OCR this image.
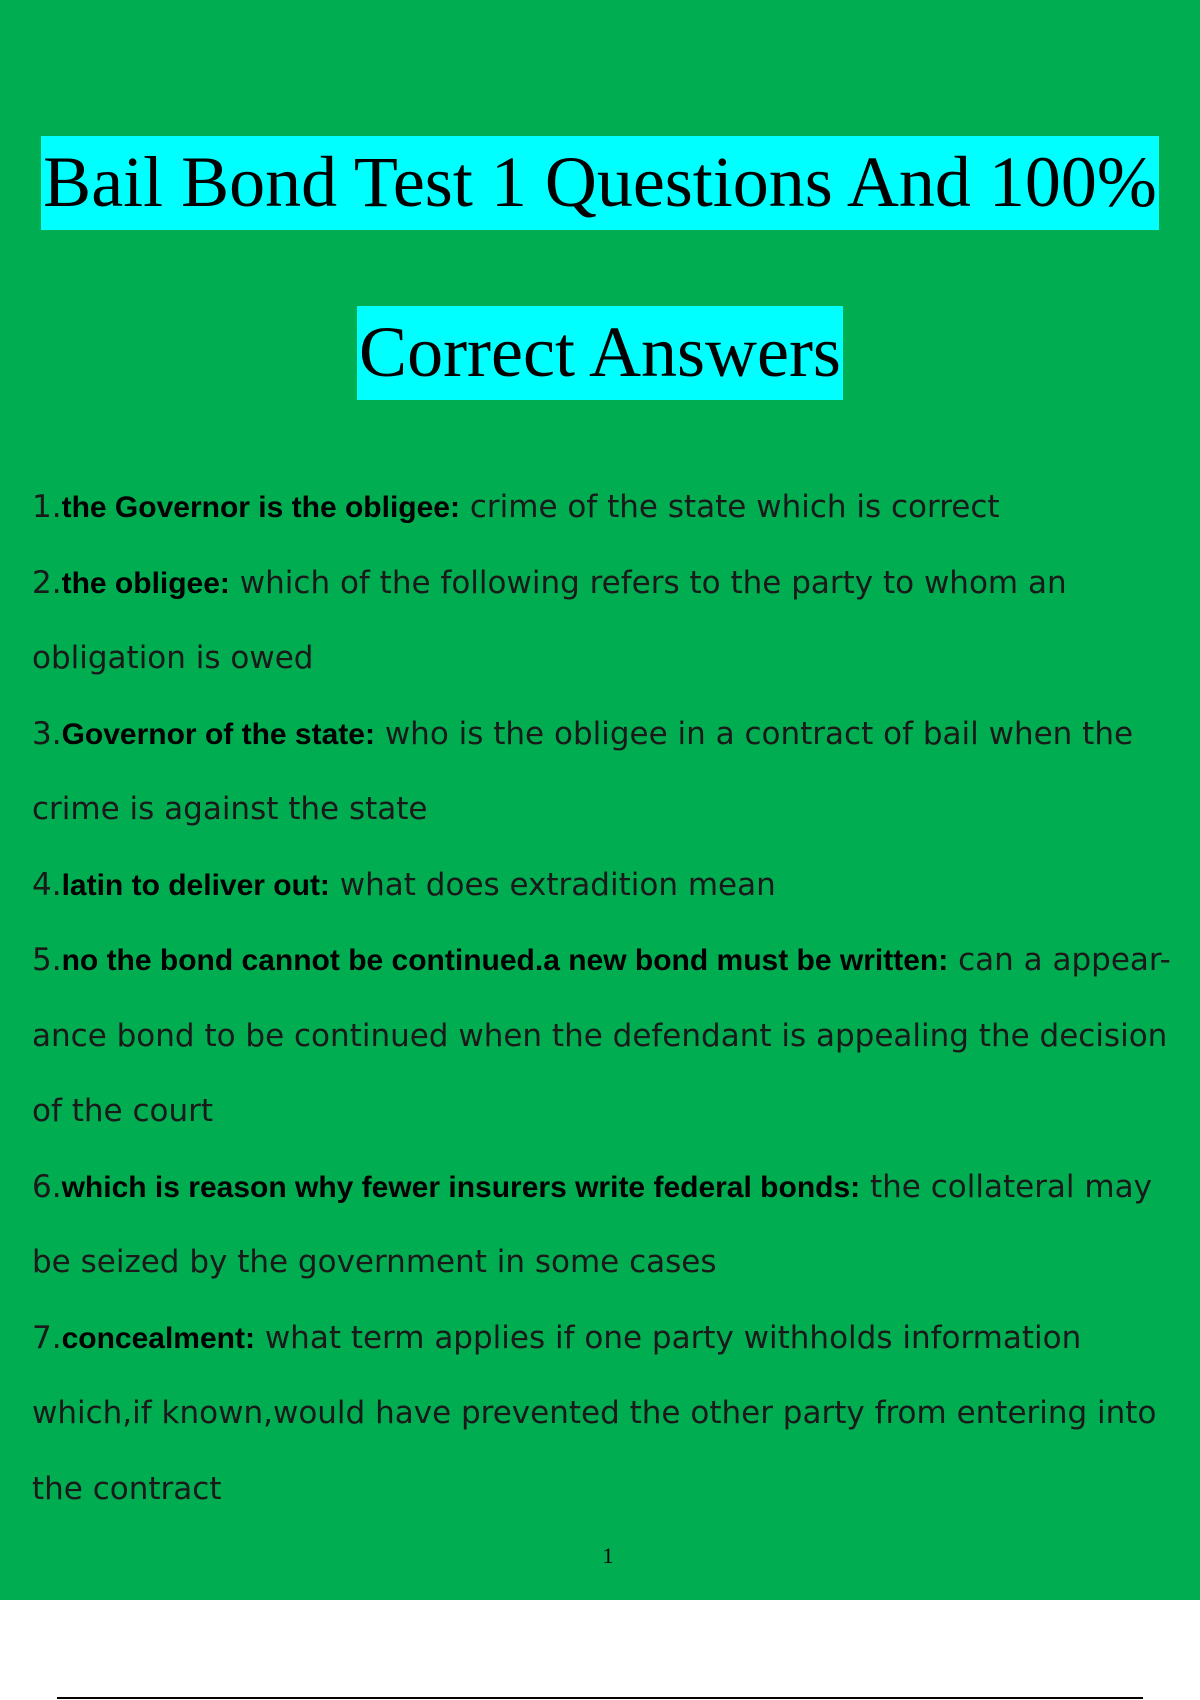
Bail Bond Test 1 Questions And 100%
Correct Answers
1.the Governor is the obligee: crime of the state which is correct
2.the obligee: which of the following refers to the party to whom an obligation is owed
3.Governor of the state: who is the obligee in a contract of bail when the crime is against the state
4.latin to deliver out: what does extradition mean
5.no the bond cannot be continued.a new bond must be written: can a appear- ance bond to be continued when the defendant is appealing the decision of the court
6.which is reason why fewer insurers write federal bonds: the collateral may be seized by the government in some cases
7.concealment: what term applies if one party withholds information which,if known,would have prevented the other party from entering into the contract
1
